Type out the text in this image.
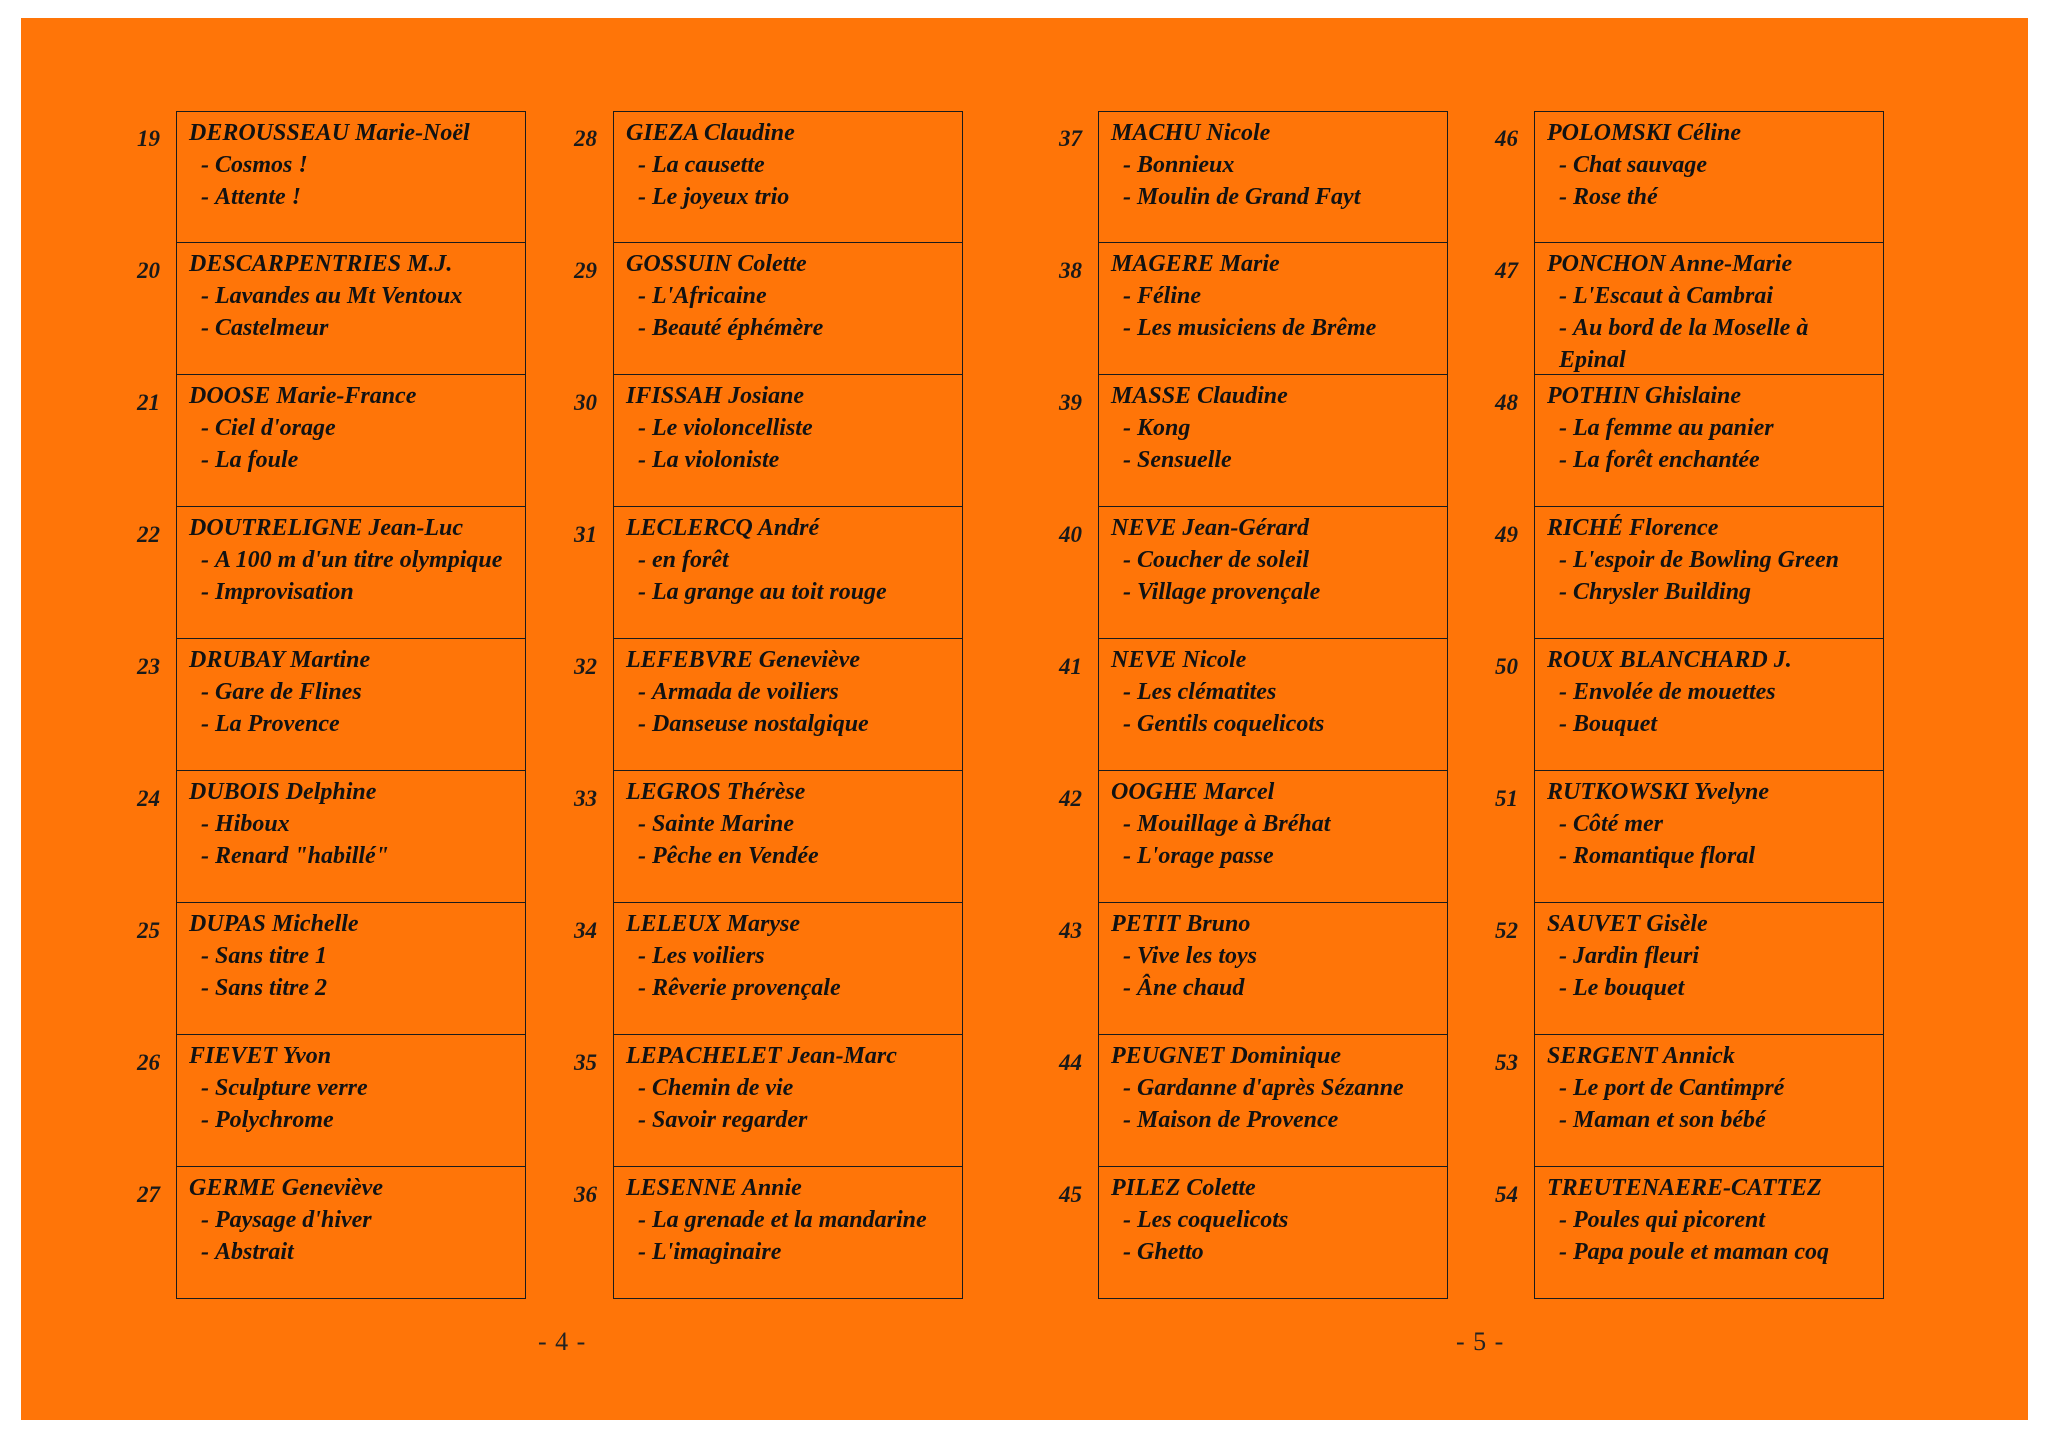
19 DEROUSSEAU Marie-Noël
- Cosmos !
- Attente !
20 DESCARPENTRIES M.J.
- Lavandes au Mt Ventoux
- Castelmeur
21 DOOSE Marie-France
- Ciel d'orage
- La foule
22 DOUTRELIGNE Jean-Luc
- A 100 m d'un titre olympique
- Improvisation
23 DRUBAY Martine
- Gare de Flines
- La Provence
24 DUBOIS Delphine
- Hiboux
- Renard "habillé"
25 DUPAS Michelle
- Sans titre 1
- Sans titre 2
26 FIEVET Yvon
- Sculpture verre
- Polychrome
27 GERME Geneviève
- Paysage d'hiver
- Abstrait
28 GIEZA Claudine
- La causette
- Le joyeux trio
29 GOSSUIN Colette
- L'Africaine
- Beauté éphémère
30 IFISSAH Josiane
- Le violoncelliste
- La violoniste
31 LECLERCQ André
- en forêt
- La grange au toit rouge
32 LEFEBVRE Geneviève
- Armada de voiliers
- Danseuse nostalgique
33 LEGROS Thérèse
- Sainte Marine
- Pêche en Vendée
34 LELEUX Maryse
- Les voiliers
- Rêverie provençale
35 LEPACHELET Jean-Marc
- Chemin de vie
- Savoir regarder
36 LESENNE Annie
- La grenade et la mandarine
- L'imaginaire
37 MACHU Nicole
- Bonnieux
- Moulin de Grand Fayt
38 MAGERE Marie
- Féline
- Les musiciens de Brême
39 MASSE Claudine
- Kong
- Sensuelle
40 NEVE Jean-Gérard
- Coucher de soleil
- Village provençale
41 NEVE Nicole
- Les clématites
- Gentils coquelicots
42 OOGHE Marcel
- Mouillage à Bréhat
- L'orage passe
43 PETIT Bruno
- Vive les toys
- Âne chaud
44 PEUGNET Dominique
- Gardanne d'après Sézanne
- Maison de Provence
45 PILEZ Colette
- Les coquelicots
- Ghetto
46 POLOMSKI Céline
- Chat sauvage
- Rose thé
47 PONCHON Anne-Marie
- L'Escaut à Cambrai
- Au bord de la Moselle à Epinal
48 POTHIN Ghislaine
- La femme au panier
- La forêt enchantée
49 RICHÉ Florence
- L'espoir de Bowling Green
- Chrysler Building
50 ROUX BLANCHARD J.
- Envolée de mouettes
- Bouquet
51 RUTKOWSKI Yvelyne
- Côté mer
- Romantique floral
52 SAUVET Gisèle
- Jardin fleuri
- Le bouquet
53 SERGENT Annick
- Le port de Cantimpré
- Maman et son bébé
54 TREUTENAERE-CATTEZ
- Poules qui picorent
- Papa poule et maman coq
- 4 -	- 5 -
